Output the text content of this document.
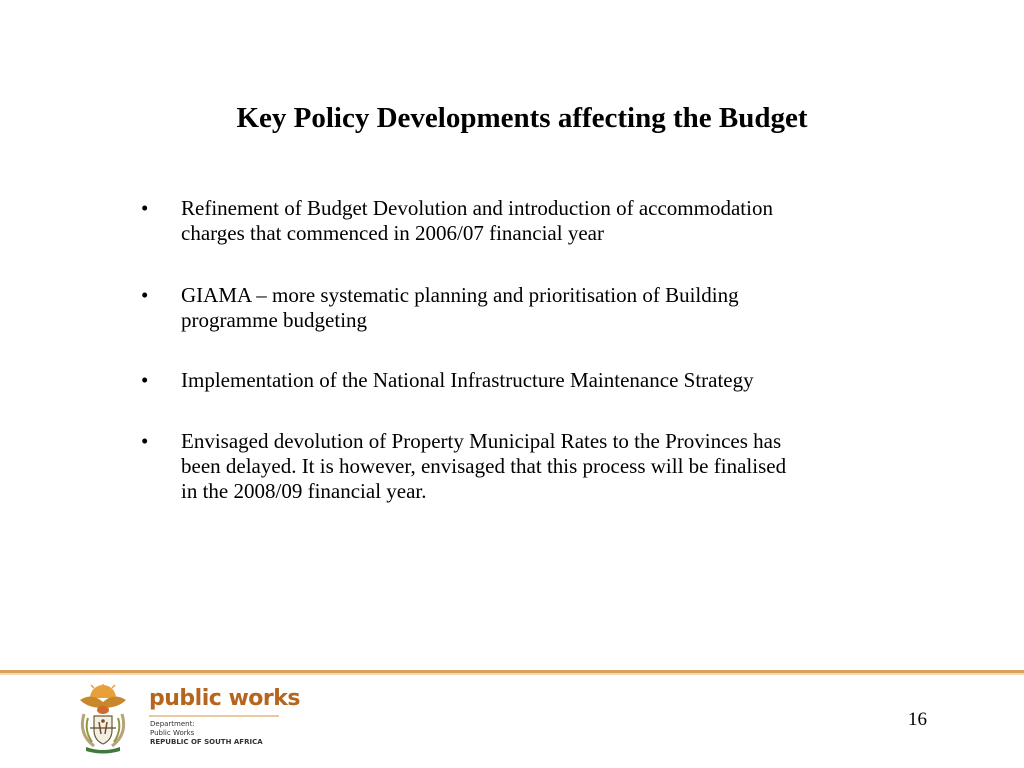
Key Policy Developments affecting the Budget
•	Refinement of Budget Devolution and introduction of accommodation
charges that commenced in 2006/07 financial year
•	GIAMA – more systematic planning and prioritisation of Building
programme budgeting
•	Implementation of the National Infrastructure Maintenance Strategy
•	Envisaged devolution of Property Municipal Rates to the Provinces has
been delayed. It is however, envisaged that this process will be finalised
in the 2008/09 financial year.
public works
Department:
Public Works
REPUBLIC OF SOUTH AFRICA
16
